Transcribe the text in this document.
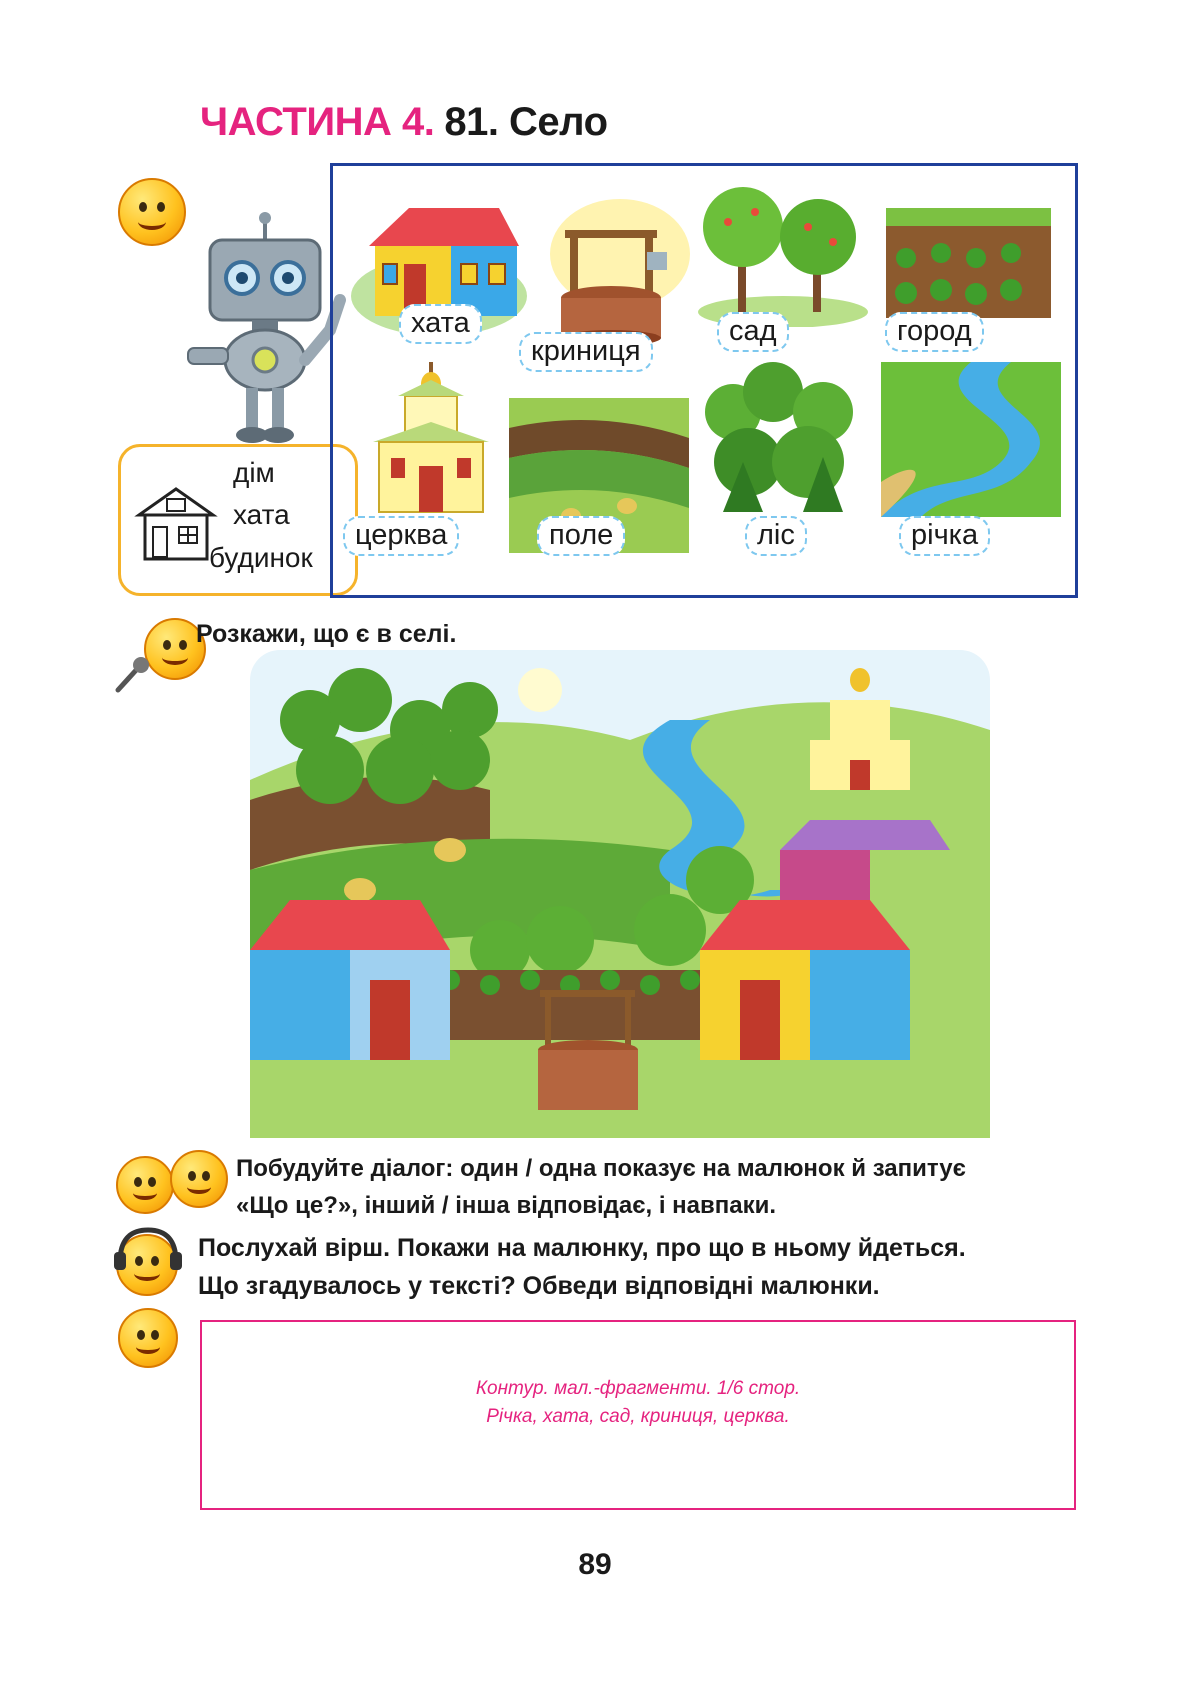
ЧАСТИНА 4. 81. Село
дім
хата
будинок
хата
криниця
сад	город
церква	поле	ліс	річка
Розкажи, що є в селі.
Побудуйте діалог: один / одна показує на малюнок й запитує
«Що це?», інший / інша відповідає, і навпаки.
Послухай вірш. Покажи на малюнку, про що в ньому йдеться.
Що згадувалось у тексті? Обведи відповідні малюнки.
Контур. мал.-фрагменти. 1/6 стор.
Річка, хата, сад, криниця, церква.
89
